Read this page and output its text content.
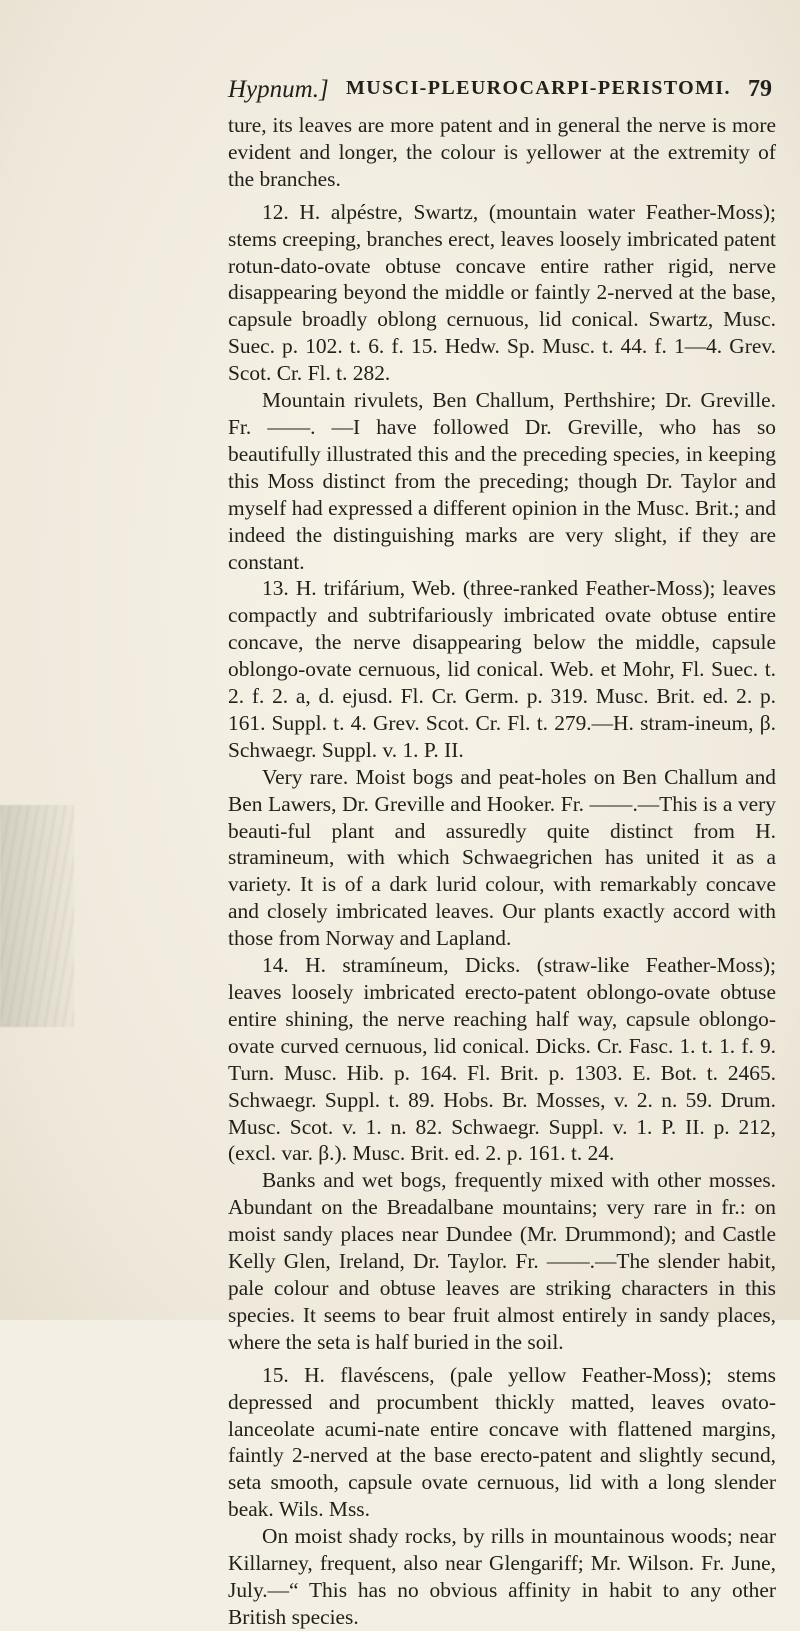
Hypnum.] MUSCI-PLEUROCARPI-PERISTOMI. 79

ture, its leaves are more patent and in general the nerve is more evident and longer, the colour is yellower at the extremity of the branches.

12. H. alpéstre, Swartz, (mountain water Feather-Moss); stems creeping, branches erect, leaves loosely imbricated patent rotun-dato-ovate obtuse concave entire rather rigid, nerve disappearing beyond the middle or faintly 2-nerved at the base, capsule broadly oblong cernuous, lid conical. Swartz, Musc. Suec. p. 102. t. 6. f. 15. Hedw. Sp. Musc. t. 44. f. 1—4. Grev. Scot. Cr. Fl. t. 282.

Mountain rivulets, Ben Challum, Perthshire; Dr. Greville. Fr. ——. —I have followed Dr. Greville, who has so beautifully illustrated this and the preceding species, in keeping this Moss distinct from the preceding; though Dr. Taylor and myself had expressed a different opinion in the Musc. Brit.; and indeed the distinguishing marks are very slight, if they are constant.

13. H. trifárium, Web. (three-ranked Feather-Moss); leaves compactly and subtrifariously imbricated ovate obtuse entire concave, the nerve disappearing below the middle, capsule oblongo-ovate cernuous, lid conical. Web. et Mohr, Fl. Suec. t. 2. f. 2. a, d. ejusd. Fl. Cr. Germ. p. 319. Musc. Brit. ed. 2. p. 161. Suppl. t. 4. Grev. Scot. Cr. Fl. t. 279.—H. stram-ineum, β. Schwaegr. Suppl. v. 1. P. II.

Very rare. Moist bogs and peat-holes on Ben Challum and Ben Lawers, Dr. Greville and Hooker. Fr. ——.—This is a very beauti-ful plant and assuredly quite distinct from H. stramineum, with which Schwaegrichen has united it as a variety. It is of a dark lurid colour, with remarkably concave and closely imbricated leaves. Our plants exactly accord with those from Norway and Lapland.

14. H. stramíneum, Dicks. (straw-like Feather-Moss); leaves loosely imbricated erecto-patent oblongo-ovate obtuse entire shining, the nerve reaching half way, capsule oblongo-ovate curved cernuous, lid conical. Dicks. Cr. Fasc. 1. t. 1. f. 9. Turn. Musc. Hib. p. 164. Fl. Brit. p. 1303. E. Bot. t. 2465. Schwaegr. Suppl. t. 89. Hobs. Br. Mosses, v. 2. n. 59. Drum. Musc. Scot. v. 1. n. 82. Schwaegr. Suppl. v. 1. P. II. p. 212, (excl. var. β.). Musc. Brit. ed. 2. p. 161. t. 24.

Banks and wet bogs, frequently mixed with other mosses. Abundant on the Breadalbane mountains; very rare in fr.: on moist sandy places near Dundee (Mr. Drummond); and Castle Kelly Glen, Ireland, Dr. Taylor. Fr. ——.—The slender habit, pale colour and obtuse leaves are striking characters in this species. It seems to bear fruit almost entirely in sandy places, where the seta is half buried in the soil.

15. H. flavéscens, (pale yellow Feather-Moss); stems depressed and procumbent thickly matted, leaves ovato-lanceolate acumi-nate entire concave with flattened margins, faintly 2-nerved at the base erecto-patent and slightly secund, seta smooth, capsule ovate cernuous, lid with a long slender beak. Wils. Mss.

On moist shady rocks, by rills in mountainous woods; near Killarney, frequent, also near Glengariff; Mr. Wilson. Fr. June, July.—“ This has no obvious affinity in habit to any other British species.
